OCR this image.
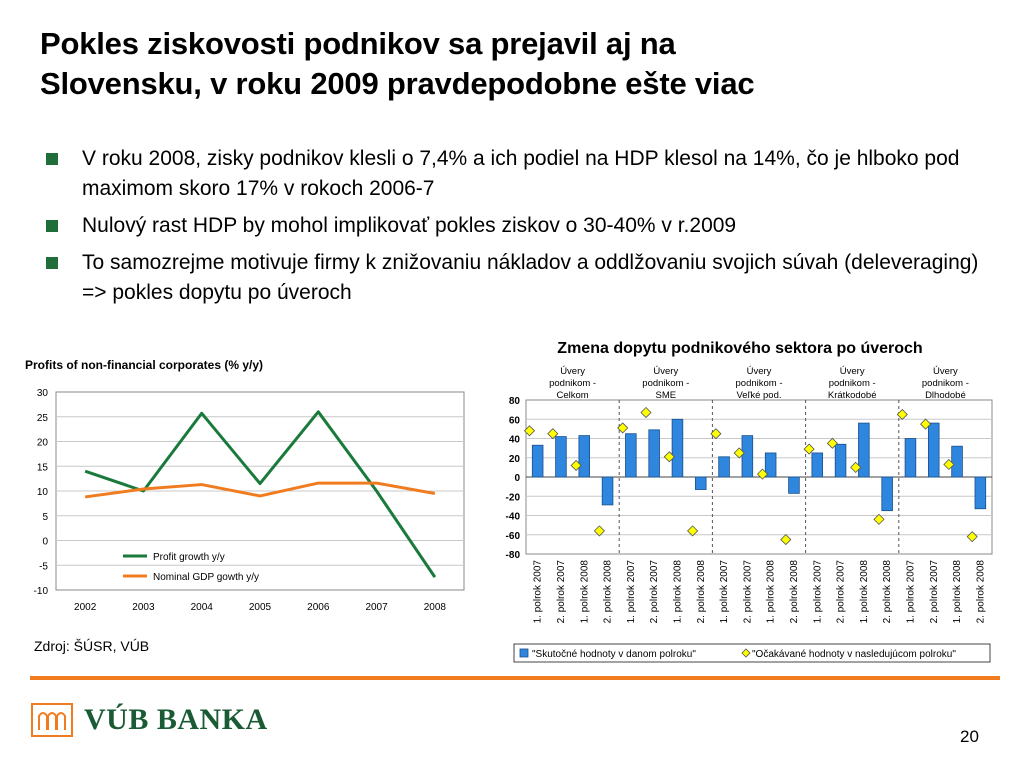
Pokles ziskovosti podnikov sa prejavil aj na
Slovensku, v roku 2009 pravdepodobne ešte viac
V roku 2008, zisky podnikov klesli o 7,4% a ich podiel na HDP klesol na 14%, čo je hlboko pod maximom skoro 17% v rokoch 2006-7
Nulový rast HDP by mohol implikovať pokles ziskov o 30-40% v r.2009
To samozrejme motivuje firmy k znižovaniu nákladov a oddlžovaniu svojich súvah (deleveraging) => pokles dopytu po úveroch
Profits of non-financial corporates (% y/y)
30
25
20
15
10
5
0
-5
-10
2002	2003	2004	2005	2006	2007	2008
Profit growth y/y
Nominal GDP gowth y/y
Zmena dopytu podnikového sektora po úveroch
80
60
40
20
0
-20
-40
-60
-80
Úvery
podnikom -
Celkom
Úvery
podnikom -
SME
Úvery
podnikom -
Veľké pod.
Úvery
podnikom -
Krátkodobé
Úvery
podnikom -
Dlhodobé
1. polrok 2007 2. polrok 2007 1. polrok 2008 2. polrok 2008 1. polrok 2007 2. polrok 2007 1. polrok 2008 2. polrok 2008 1. polrok 2007 2. polrok 2007 1. polrok 2008 2. polrok 2008 1. polrok 2007 2. polrok 2007 1. polrok 2008 2. polrok 2008 1. polrok 2007 2. polrok 2007 1. polrok 2008 2. polrok 2008
"Skutočné hodnoty v danom polroku"	"Očakávané hodnoty v nasledujúcom polroku"
Zdroj: ŠÚSR, VÚB
VÚB BANKA
20
